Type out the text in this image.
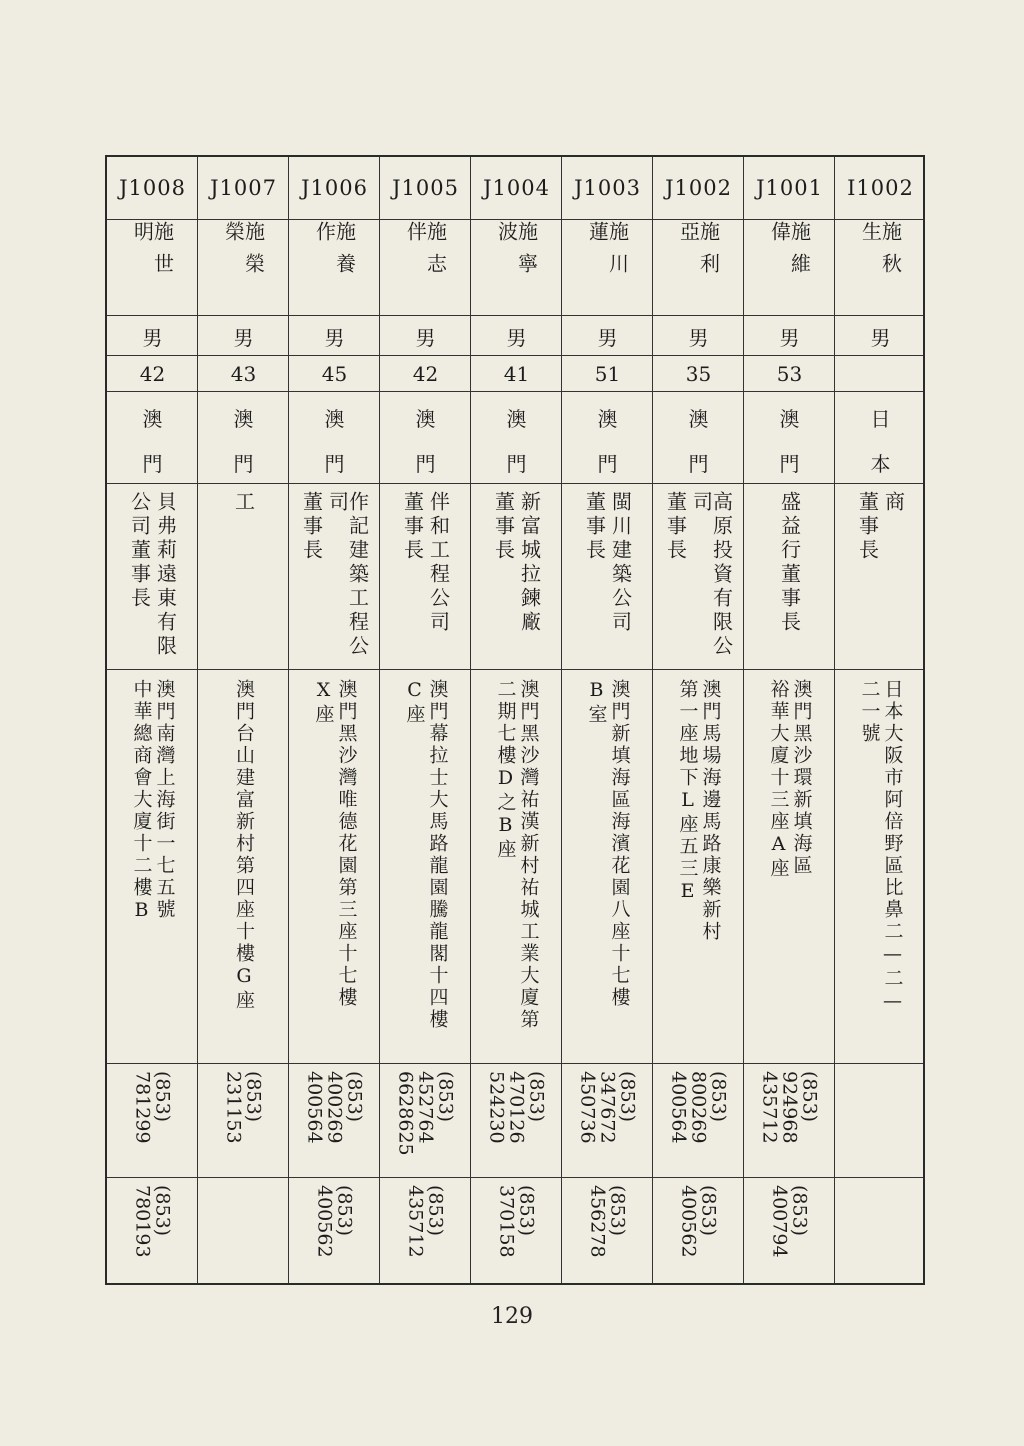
J1008
施世明
男
42
澳
門
貝弗莉遠東有限
公司董事長
澳門南灣上海街一七五號
中華總商會大廈十二樓B
(853)
781299
(853)
780193
J1007
施榮榮
男
43
澳
門
工
澳門台山建富新村第四座十樓G座
(853)
231153
J1006
施養作
男
45
澳
門
作記建築工程公司
董事長
澳門黑沙灣唯德花園第三座十七樓
X座
(853)
400269
400564
(853)
400562
J1005
施志伴
男
42
澳
門
伴和工程公司
董事長
澳門幕拉士大馬路龍園騰龍閣十四樓
C座
(853)
452764
6628625
(853)
435712
J1004
施寧波
男
41
澳
門
新富城拉鍊廠
董事長
澳門黑沙灣祐漢新村祐城工業大廈第
二期七樓D之B座
(853)
470126
524230
(853)
370158
J1003
施川蓮
男
51
澳
門
閩川建築公司
董事長
澳門新填海區海濱花園八座十七樓
B室
(853)
347672
450736
(853)
456278
J1002
施利亞
男
35
澳
門
高原投資有限公司
董事長
澳門馬場海邊馬路康樂新村
第一座地下L座五三E
(853)
800269
400564
(853)
400562
J1001
施維偉
男
53
澳
門
盛益行董事長
澳門黑沙環新填海區
裕華大廈十三座A座
(853)
924968
435712
(853)
400794
I1002
施秋生
男
日
本
商
董事長
日本大阪市阿倍野區比鼻二—二—
二一號
129
